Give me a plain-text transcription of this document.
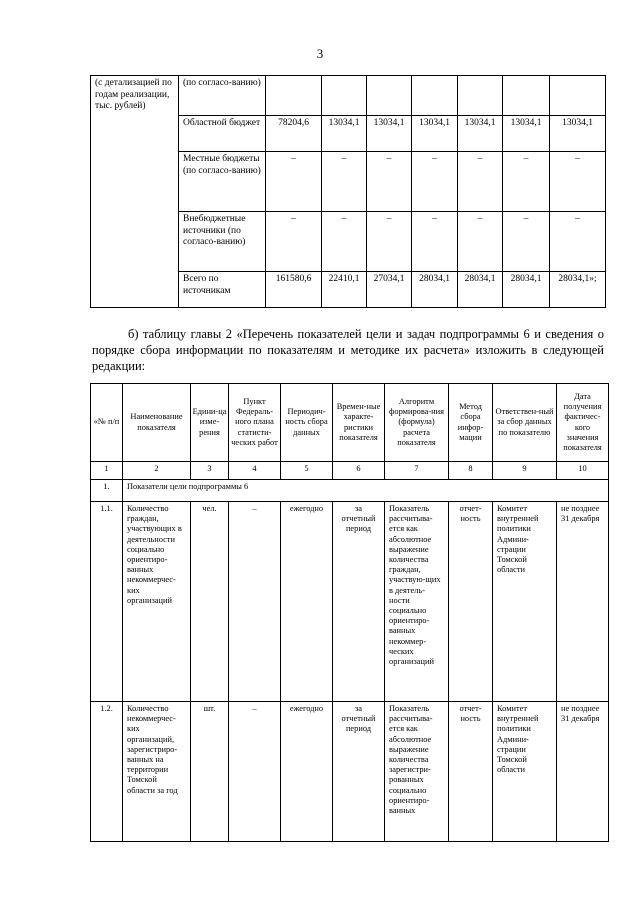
3
(с детализацией по годам реализации, тыс. рублей)	(по согласо-ванию)							
	Областной бюджет	78204,6	13034,1	13034,1	13034,1	13034,1	13034,1	13034,1
	Местные бюджеты (по согласо-ванию)	–	–	–	–	–	–	–
	Внебюджетные источники (по согласо-ванию)	–	–	–	–	–	–	–
	Всего по источникам	161580,6	22410,1	27034,1	28034,1	28034,1	28034,1	28034,1»;
б) таблицу главы 2 «Перечень показателей цели и задач подпрограммы 6 и сведения о порядке сбора информации по показателям и методике их расчета» изложить в следующей редакции:
«№ п/п	Наименование показателя	Едини-ца изме-рения	Пункт Федераль-ного плана статисти-ческих работ	Периодич-ность сбора данных	Времен-ные характе-ристики показателя	Алгоритм формирова-ния (формула) расчета показателя	Метод сбора инфор-мации	Ответствен-ный за сбор данных по показателю	Дата получения фактичес-кого значения показателя
1	2	3	4	5	6	7	8	9	10
1.	Показатели цели подпрограммы 6								
1.1.	Количество граждан, участвующих в деятельности социально ориентиро-ванных некоммерчес-ких организаций	чел.	–	ежегодно	за отчетный период	Показатель рассчитыва-ется как абсолютное выражение количества граждан, участвую-щих в деятель-ности социально ориентиро-ванных некоммер-ческих организаций	отчет-ность	Комитет внутренней политики Админи-страции Томской области	не позднее 31 декабря
1.2.	Количество некоммерчес-ких организаций, зарегистриро-ванных на территории Томской области за год	шт.	–	ежегодно	за отчетный период	Показатель рассчитыва-ется как абсолютное выражение количества зарегистри-рованных социально ориентиро-ванных	отчет-ность	Комитет внутренней политики Админи-страции Томской области	не позднее 31 декабря
